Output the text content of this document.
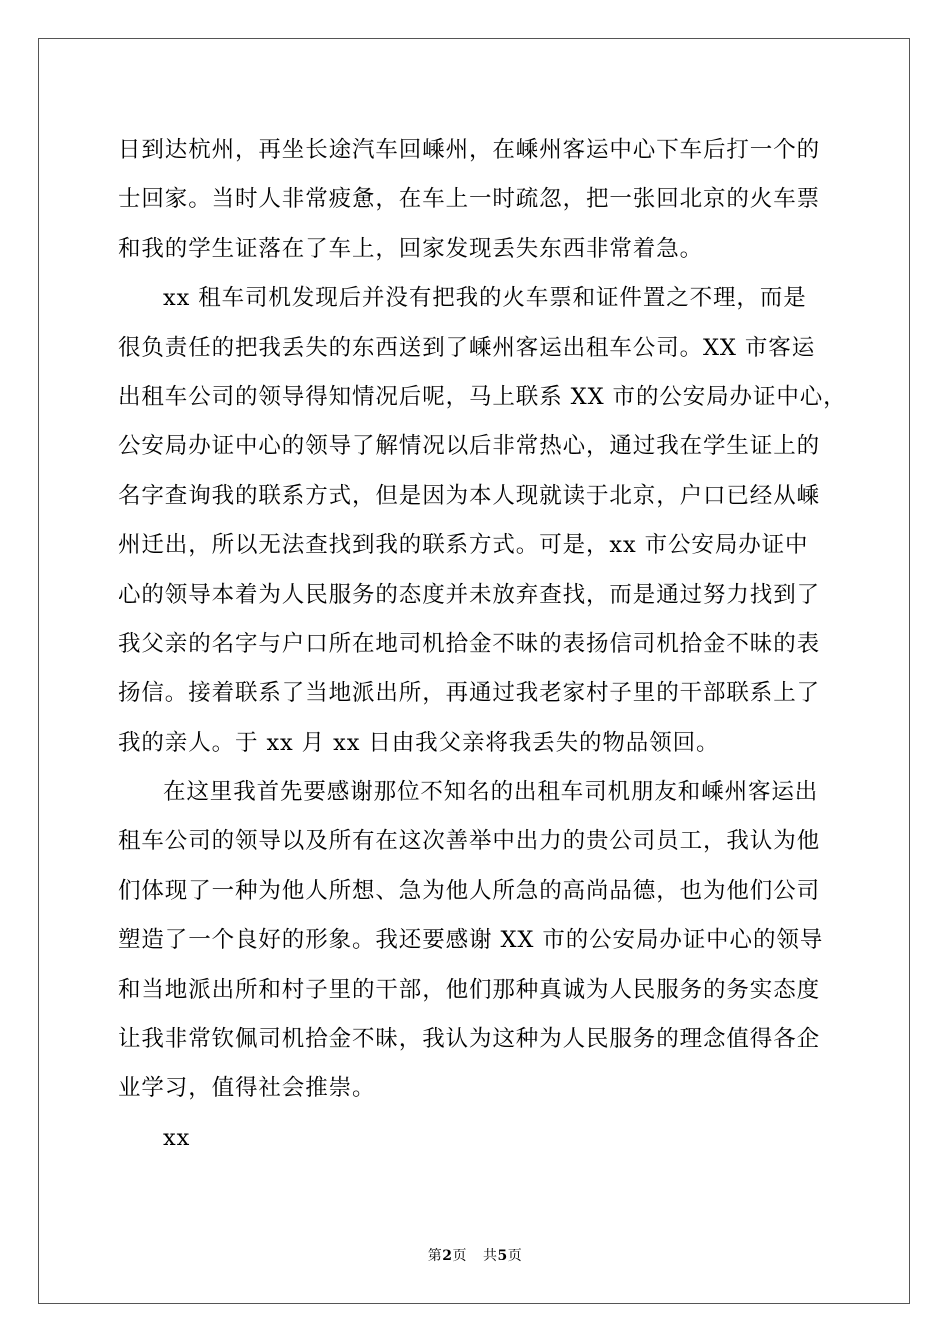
日到达杭州，再坐长途汽车回嵊州，在嵊州客运中心下车后打一个的
士回家。当时人非常疲惫，在车上一时疏忽，把一张回北京的火车票
和我的学生证落在了车上，回家发现丢失东西非常着急。
xx 租车司机发现后并没有把我的火车票和证件置之不理，而是
很负责任的把我丢失的东西送到了嵊州客运出租车公司。XX 市客运
出租车公司的领导得知情况后呢，马上联系 XX 市的公安局办证中心，
公安局办证中心的领导了解情况以后非常热心，通过我在学生证上的
名字查询我的联系方式，但是因为本人现就读于北京，户口已经从嵊
州迁出，所以无法查找到我的联系方式。可是，xx 市公安局办证中
心的领导本着为人民服务的态度并未放弃查找，而是通过努力找到了
我父亲的名字与户口所在地司机拾金不昧的表扬信司机拾金不昧的表
扬信。接着联系了当地派出所，再通过我老家村子里的干部联系上了
我的亲人。于 xx 月 xx 日由我父亲将我丢失的物品领回。
在这里我首先要感谢那位不知名的出租车司机朋友和嵊州客运出
租车公司的领导以及所有在这次善举中出力的贵公司员工，我认为他
们体现了一种为他人所想、急为他人所急的高尚品德，也为他们公司
塑造了一个良好的形象。我还要感谢 XX 市的公安局办证中心的领导
和当地派出所和村子里的干部，他们那种真诚为人民服务的务实态度
让我非常钦佩司机拾金不昧，我认为这种为人民服务的理念值得各企
业学习，值得社会推崇。
xx
第2页 共5页
